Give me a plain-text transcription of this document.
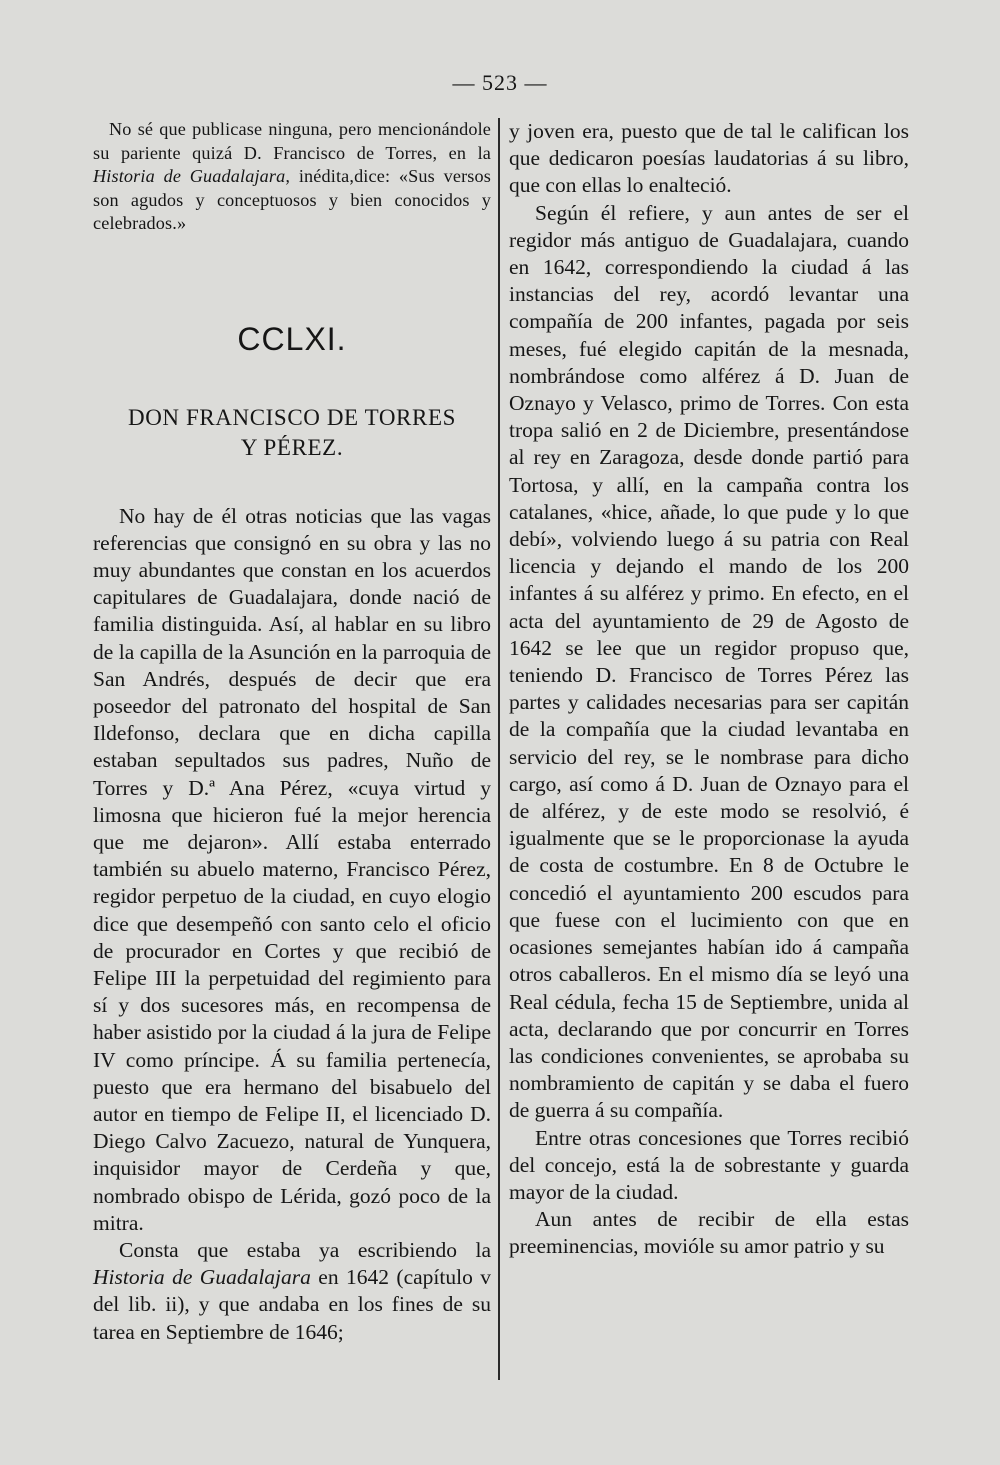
— 523 —

No sé que publicase ninguna, pero mencionándole su pariente quizá D. Francisco de Torres, en la Historia de Guadalajara, inédita,dice: «Sus versos son agudos y conceptuosos y bien conocidos y celebrados.»

CCLXI.
DON FRANCISCO DE TORRES
Y PÉREZ.

No hay de él otras noticias que las vagas referencias que consignó en su obra y las no muy abundantes que constan en los acuerdos capitulares de Guadalajara, donde nació de familia distinguida. Así, al hablar en su libro de la capilla de la Asunción en la parroquia de San Andrés, después de decir que era poseedor del patronato del hospital de San Ildefonso, declara que en dicha capilla estaban sepultados sus padres, Nuño de Torres y D.ª Ana Pérez, «cuya virtud y limosna que hicieron fué la mejor herencia que me dejaron». Allí estaba enterrado también su abuelo materno, Francisco Pérez, regidor perpetuo de la ciudad, en cuyo elogio dice que desempeñó con santo celo el oficio de procurador en Cortes y que recibió de Felipe III la perpetuidad del regimiento para sí y dos sucesores más, en recompensa de haber asistido por la ciudad á la jura de Felipe IV como príncipe. Á su familia pertenecía, puesto que era hermano del bisabuelo del autor en tiempo de Felipe II, el licenciado D. Diego Calvo Zacuezo, natural de Yunquera, inquisidor mayor de Cerdeña y que, nombrado obispo de Lérida, gozó poco de la mitra.

Consta que estaba ya escribiendo la Historia de Guadalajara en 1642 (capítulo v del lib. ii), y que andaba en los fines de su tarea en Septiembre de 1646;

y joven era, puesto que de tal le califican los que dedicaron poesías laudatorias á su libro, que con ellas lo enalteció.

Según él refiere, y aun antes de ser el regidor más antiguo de Guadalajara, cuando en 1642, correspondiendo la ciudad á las instancias del rey, acordó levantar una compañía de 200 infantes, pagada por seis meses, fué elegido capitán de la mesnada, nombrándose como alférez á D. Juan de Oznayo y Velasco, primo de Torres. Con esta tropa salió en 2 de Diciembre, presentándose al rey en Zaragoza, desde donde partió para Tortosa, y allí, en la campaña contra los catalanes, «hice, añade, lo que pude y lo que debí», volviendo luego á su patria con Real licencia y dejando el mando de los 200 infantes á su alférez y primo. En efecto, en el acta del ayuntamiento de 29 de Agosto de 1642 se lee que un regidor propuso que, teniendo D. Francisco de Torres Pérez las partes y calidades necesarias para ser capitán de la compañía que la ciudad levantaba en servicio del rey, se le nombrase para dicho cargo, así como á D. Juan de Oznayo para el de alférez, y de este modo se resolvió, é igualmente que se le proporcionase la ayuda de costa de costumbre. En 8 de Octubre le concedió el ayuntamiento 200 escudos para que fuese con el lucimiento con que en ocasiones semejantes habían ido á campaña otros caballeros. En el mismo día se leyó una Real cédula, fecha 15 de Septiembre, unida al acta, declarando que por concurrir en Torres las condiciones convenientes, se aprobaba su nombramiento de capitán y se daba el fuero de guerra á su compañía.

Entre otras concesiones que Torres recibió del concejo, está la de sobrestante y guarda mayor de la ciudad.

Aun antes de recibir de ella estas preeminencias, movióle su amor patrio y su
